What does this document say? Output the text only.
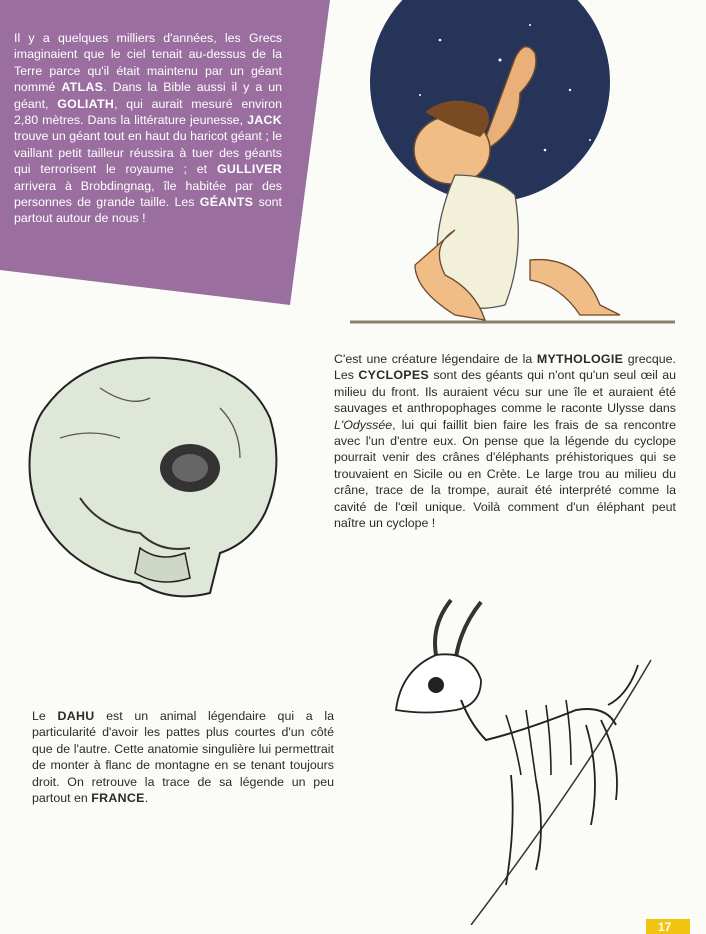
Il y a quelques milliers d'années, les Grecs imaginaient que le ciel tenait au-dessus de la Terre parce qu'il était maintenu par un géant nommé ATLAS. Dans la Bible aussi il y a un géant, GOLIATH, qui aurait mesuré environ 2,80 mètres. Dans la littérature jeunesse, JACK trouve un géant tout en haut du haricot géant ; le vaillant petit tailleur réussira à tuer des géants qui terrorisent le royaume ; et GULLIVER arrivera à Brobdingnag, île habitée par des personnes de grande taille. Les GÉANTS sont partout autour de nous !

C'est une créature légendaire de la MYTHOLOGIE grecque. Les CYCLOPES sont des géants qui n'ont qu'un seul œil au milieu du front. Ils auraient vécu sur une île et auraient été sauvages et anthropophages comme le raconte Ulysse dans L'Odyssée, lui qui faillit bien faire les frais de sa rencontre avec l'un d'entre eux. On pense que la légende du cyclope pourrait venir des crânes d'éléphants préhistoriques qui se trouvaient en Sicile ou en Crète. Le large trou au milieu du crâne, trace de la trompe, aurait été interprété comme la cavité de l'œil unique. Voilà comment d'un éléphant peut naître un cyclope !

Le DAHU est un animal légendaire qui a la particularité d'avoir les pattes plus courtes d'un côté que de l'autre. Cette anatomie singulière lui permettrait de monter à flanc de montagne en se tenant toujours droit. On retrouve la trace de sa légende un peu partout en FRANCE.

17
